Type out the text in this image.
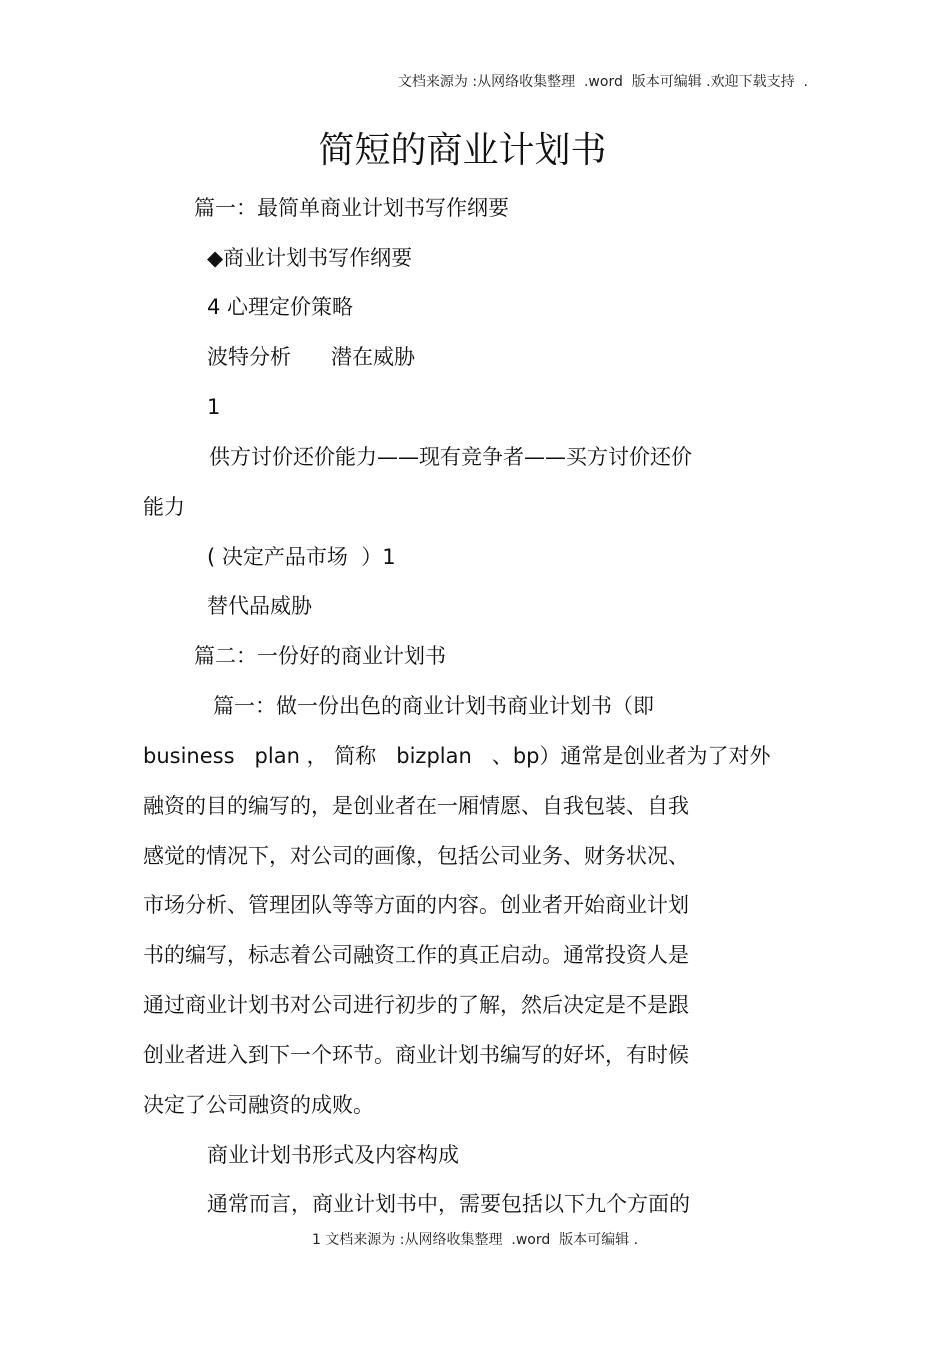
文档来源为 :从网络收集整理  .word  版本可编辑 .欢迎下载支持  .
简短的商业计划书
篇一：最简单商业计划书写作纲要
◆商业计划书写作纲要
4 心理定价策略
波特分析      潜在威胁
1
供方讨价还价能力——现有竞争者——买方讨价还价
能力
( 决定产品市场  ）1
替代品威胁
篇二：一份好的商业计划书
篇一：做一份出色的商业计划书商业计划书（即
business   plan ， 简称   bizplan   、bp）通常是创业者为了对外
融资的目的编写的，是创业者在一厢情愿、自我包装、自我
感觉的情况下，对公司的画像，包括公司业务、财务状况、
市场分析、管理团队等等方面的内容。创业者开始商业计划
书的编写，标志着公司融资工作的真正启动。通常投资人是
通过商业计划书对公司进行初步的了解，然后决定是不是跟
创业者进入到下一个环节。商业计划书编写的好坏，有时候
决定了公司融资的成败。
商业计划书形式及内容构成
通常而言，商业计划书中，需要包括以下九个方面的
1 文档来源为 :从网络收集整理  .word  版本可编辑 .
